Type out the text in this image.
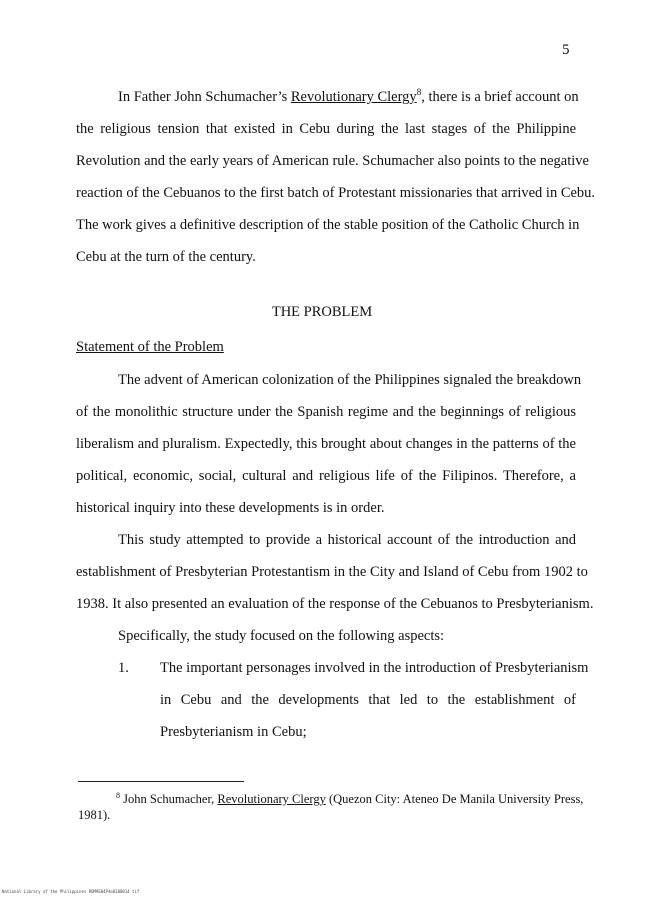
5
In Father John Schumacher’s Revolutionary Clergy$^8$, there is a brief account on
the religious tension that existed in Cebu during the last stages of the Philippine
Revolution and the early years of American rule. Schumacher also points to the negative
reaction of the Cebuanos to the first batch of Protestant missionaries that arrived in Cebu.
The work gives a definitive description of the stable position of the Catholic Church in
Cebu at the turn of the century.
THE PROBLEM
Statement of the Problem
The advent of American colonization of the Philippines signaled the breakdown
of the monolithic structure under the Spanish regime and the beginnings of religious
liberalism and pluralism. Expectedly, this brought about changes in the patterns of the
political, economic, social, cultural and religious life of the Filipinos. Therefore, a
historical inquiry into these developments is in order.
This study attempted to provide a historical account of the introduction and
establishment of Presbyterian Protestantism in the City and Island of Cebu from 1902 to
1938. It also presented an evaluation of the response of the Cebuanos to Presbyterianism.
Specifically, the study focused on the following aspects:
1. The important personages involved in the introduction of Presbyterianism
in Cebu and the developments that led to the establishment of
Presbyterianism in Cebu;
$^8$ John Schumacher, Revolutionary Clergy (Quezon City: Ateneo De Manila University Press,
1981).
National Library of the Philippines ROM9E04P4e0100014 tif
